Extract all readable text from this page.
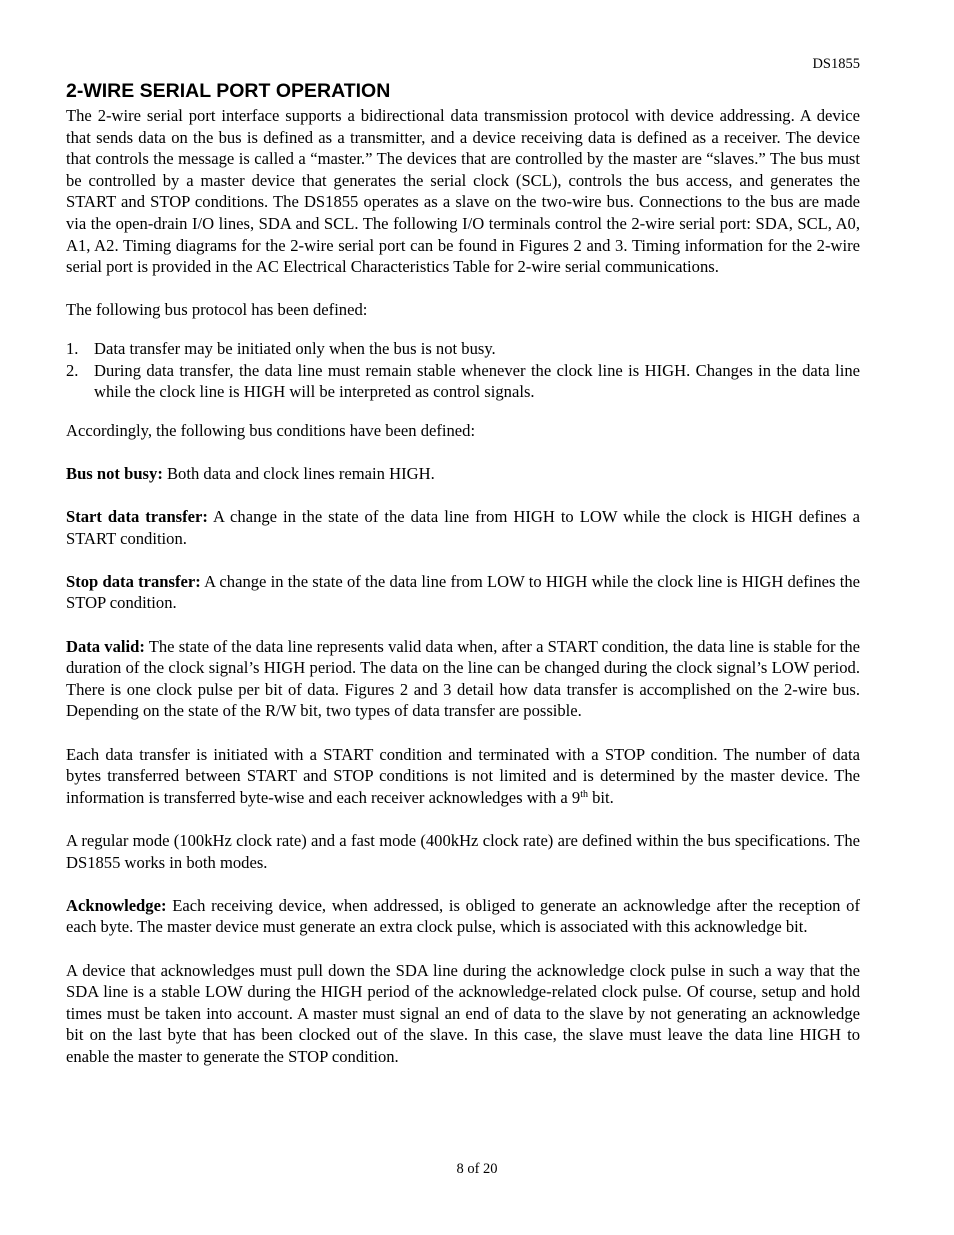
DS1855
2-WIRE SERIAL PORT OPERATION

The 2-wire serial port interface supports a bidirectional data transmission protocol with device addressing. A device that sends data on the bus is defined as a transmitter, and a device receiving data is defined as a receiver. The device that controls the message is called a “master.” The devices that are controlled by the master are “slaves.” The bus must be controlled by a master device that generates the serial clock (SCL), controls the bus access, and generates the START and STOP conditions. The DS1855 operates as a slave on the two-wire bus. Connections to the bus are made via the open-drain I/O lines, SDA and SCL. The following I/O terminals control the 2-wire serial port: SDA, SCL, A0, A1, A2. Timing diagrams for the 2-wire serial port can be found in Figures 2 and 3. Timing information for the 2-wire serial port is provided in the AC Electrical Characteristics Table for 2-wire serial communications.

The following bus protocol has been defined:

1. Data transfer may be initiated only when the bus is not busy.
2. During data transfer, the data line must remain stable whenever the clock line is HIGH. Changes in the data line while the clock line is HIGH will be interpreted as control signals.

Accordingly, the following bus conditions have been defined:

Bus not busy: Both data and clock lines remain HIGH.

Start data transfer: A change in the state of the data line from HIGH to LOW while the clock is HIGH defines a START condition.

Stop data transfer: A change in the state of the data line from LOW to HIGH while the clock line is HIGH defines the STOP condition.

Data valid: The state of the data line represents valid data when, after a START condition, the data line is stable for the duration of the clock signal’s HIGH period. The data on the line can be changed during the clock signal’s LOW period. There is one clock pulse per bit of data. Figures 2 and 3 detail how data transfer is accomplished on the 2-wire bus. Depending on the state of the R/W bit, two types of data transfer are possible.

Each data transfer is initiated with a START condition and terminated with a STOP condition. The number of data bytes transferred between START and STOP conditions is not limited and is determined by the master device. The information is transferred byte-wise and each receiver acknowledges with a 9th bit.

A regular mode (100kHz clock rate) and a fast mode (400kHz clock rate) are defined within the bus specifications. The DS1855 works in both modes.

Acknowledge: Each receiving device, when addressed, is obliged to generate an acknowledge after the reception of each byte. The master device must generate an extra clock pulse, which is associated with this acknowledge bit.

A device that acknowledges must pull down the SDA line during the acknowledge clock pulse in such a way that the SDA line is a stable LOW during the HIGH period of the acknowledge-related clock pulse. Of course, setup and hold times must be taken into account. A master must signal an end of data to the slave by not generating an acknowledge bit on the last byte that has been clocked out of the slave. In this case, the slave must leave the data line HIGH to enable the master to generate the STOP condition.

8 of 20
